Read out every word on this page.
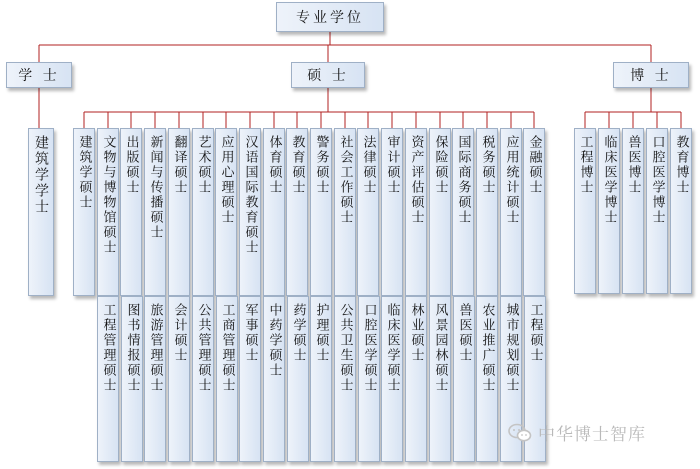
专业学位
学 士	硕 士	博 士
建筑学学士 建筑学硕士 文物与博物馆硕士 出版硕士 新闻与传播硕士 翻译硕士 艺术硕士 应用心理硕士 汉语国际教育硕士 体育硕士 教育硕士 警务硕士 社会工作硕士 法律硕士 审计硕士 资产评估硕士 保险硕士 国际商务硕士 税务硕士 应用统计硕士 金融硕士
工程管理硕士 图书情报硕士 旅游管理硕士 会计硕士 公共管理硕士 工商管理硕士 军事硕士 中药学硕士 药学硕士 护理硕士 公共卫生硕士 口腔医学硕士 临床医学硕士 林业硕士 风景园林硕士 兽医硕士 农业推广硕士 城市规划硕士 工程硕士
工程博士 临床医学博士 兽医博士 口腔医学博士 教育博士
中华博士智库
